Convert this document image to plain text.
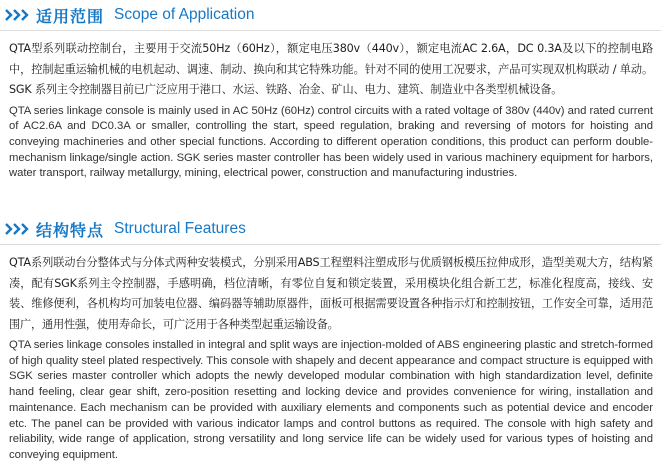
适用范围 Scope of Application

QTA型系列联动控制台，主要用于交流50Hz（60Hz），额定电压380v（440v），额定电流AC 2.6A，DC 0.3A及以下的控制电路中，控制起重运输机械的电机起动、调速、制动、换向和其它特殊功能。针对不同的使用工况要求，产品可实现双机构联动 / 单动。SGK 系列主令控制器目前已广泛应用于港口、水运、铁路、冶金、矿山、电力、建筑、制造业中各类型机械设备。

QTA series linkage console is mainly used in AC 50Hz (60Hz) control circuits with a rated voltage of 380v (440v) and rated current of AC2.6A and DC0.3A or smaller, controlling the start, speed regulation, braking and reversing of motors for hoisting and conveying machineries and other special functions. According to different operation conditions, this product can perform double-mechanism linkage/single action. SGK series master controller has been widely used in various machinery equipment for harbors, water transport, railway metallurgy, mining, electrical power, construction and manufacturing industries.

结构特点 Structural Features

QTA系列联动台分整体式与分体式两种安装模式，分别采用ABS工程塑料注塑成形与优质钢板模压拉伸成形，造型美观大方，结构紧凑，配有SGK系列主令控制器，手感明确，档位清晰，有零位自复和锁定装置，采用模块化组合新工艺，标准化程度高，接线、安装、维修便利，各机构均可加装电位器、编码器等辅助原器件，面板可根据需要设置各种指示灯和控制按钮，工作安全可靠，适用范围广，通用性强，使用寿命长，可广泛用于各种类型起重运输设备。

QTA series linkage consoles installed in integral and split ways are injection-molded of ABS engineering plastic and stretch-formed of high quality steel plated respectively. This console with shapely and decent appearance and compact structure is equipped with SGK series master controller which adopts the newly developed modular combination with high standardization level, definite hand feeling, clear gear shift, zero-position resetting and locking device and provides convenience for wiring, installation and maintenance. Each mechanism can be provided with auxiliary elements and components such as potential device and encoder etc. The panel can be provided with various indicator lamps and control buttons as required. The console with high safety and reliability, wide range of application, strong versatility and long service life can be widely used for various types of hoisting and conveying equipment.
